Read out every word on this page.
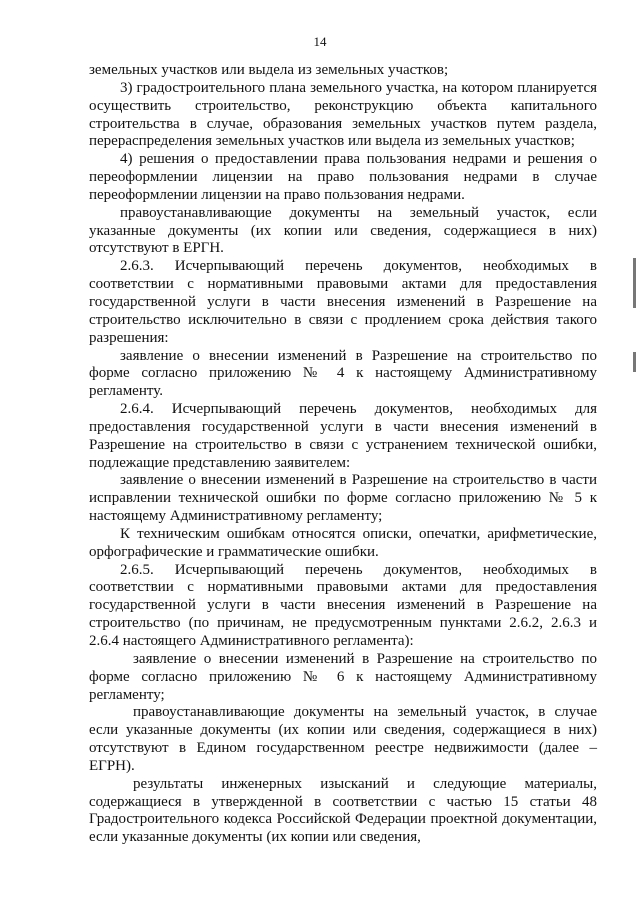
14

земельных участков или выдела из земельных участков;

3) градостроительного плана земельного участка, на котором планируется осуществить строительство, реконструкцию объекта капитального строительства в случае, образования земельных участков путем раздела, перераспределения земельных участков или выдела из земельных участков;

4) решения о предоставлении права пользования недрами и решения о переоформлении лицензии на право пользования недрами в случае переоформлении лицензии на право пользования недрами.

правоустанавливающие документы на земельный участок, если указанные документы (их копии или сведения, содержащиеся в них) отсутствуют в ЕРГН.

2.6.3. Исчерпывающий перечень документов, необходимых в соответствии с нормативными правовыми актами для предоставления государственной услуги в части внесения изменений в Разрешение на строительство исключительно в связи с продлением срока действия такого разрешения:

заявление о внесении изменений в Разрешение на строительство по форме согласно приложению № 4 к настоящему Административному регламенту.

2.6.4. Исчерпывающий перечень документов, необходимых для предоставления государственной услуги в части внесения изменений в Разрешение на строительство в связи с устранением технической ошибки, подлежащие представлению заявителем:

заявление о внесении изменений в Разрешение на строительство в части исправлении технической ошибки по форме согласно приложению № 5 к настоящему Административному регламенту;

К техническим ошибкам относятся описки, опечатки, арифметические, орфографические и грамматические ошибки.

2.6.5. Исчерпывающий перечень документов, необходимых в соответствии с нормативными правовыми актами для предоставления государственной услуги в части внесения изменений в Разрешение на строительство (по причинам, не предусмотренным пунктами 2.6.2, 2.6.3 и 2.6.4 настоящего Административного регламента):

заявление о внесении изменений в Разрешение на строительство по форме согласно приложению № 6 к настоящему Административному регламенту;

правоустанавливающие документы на земельный участок, в случае если указанные документы (их копии или сведения, содержащиеся в них) отсутствуют в Едином государственном реестре недвижимости (далее – ЕГРН).

результаты инженерных изысканий и следующие материалы, содержащиеся в утвержденной в соответствии с частью 15 статьи 48 Градостроительного кодекса Российской Федерации проектной документации, если указанные документы (их копии или сведения,
